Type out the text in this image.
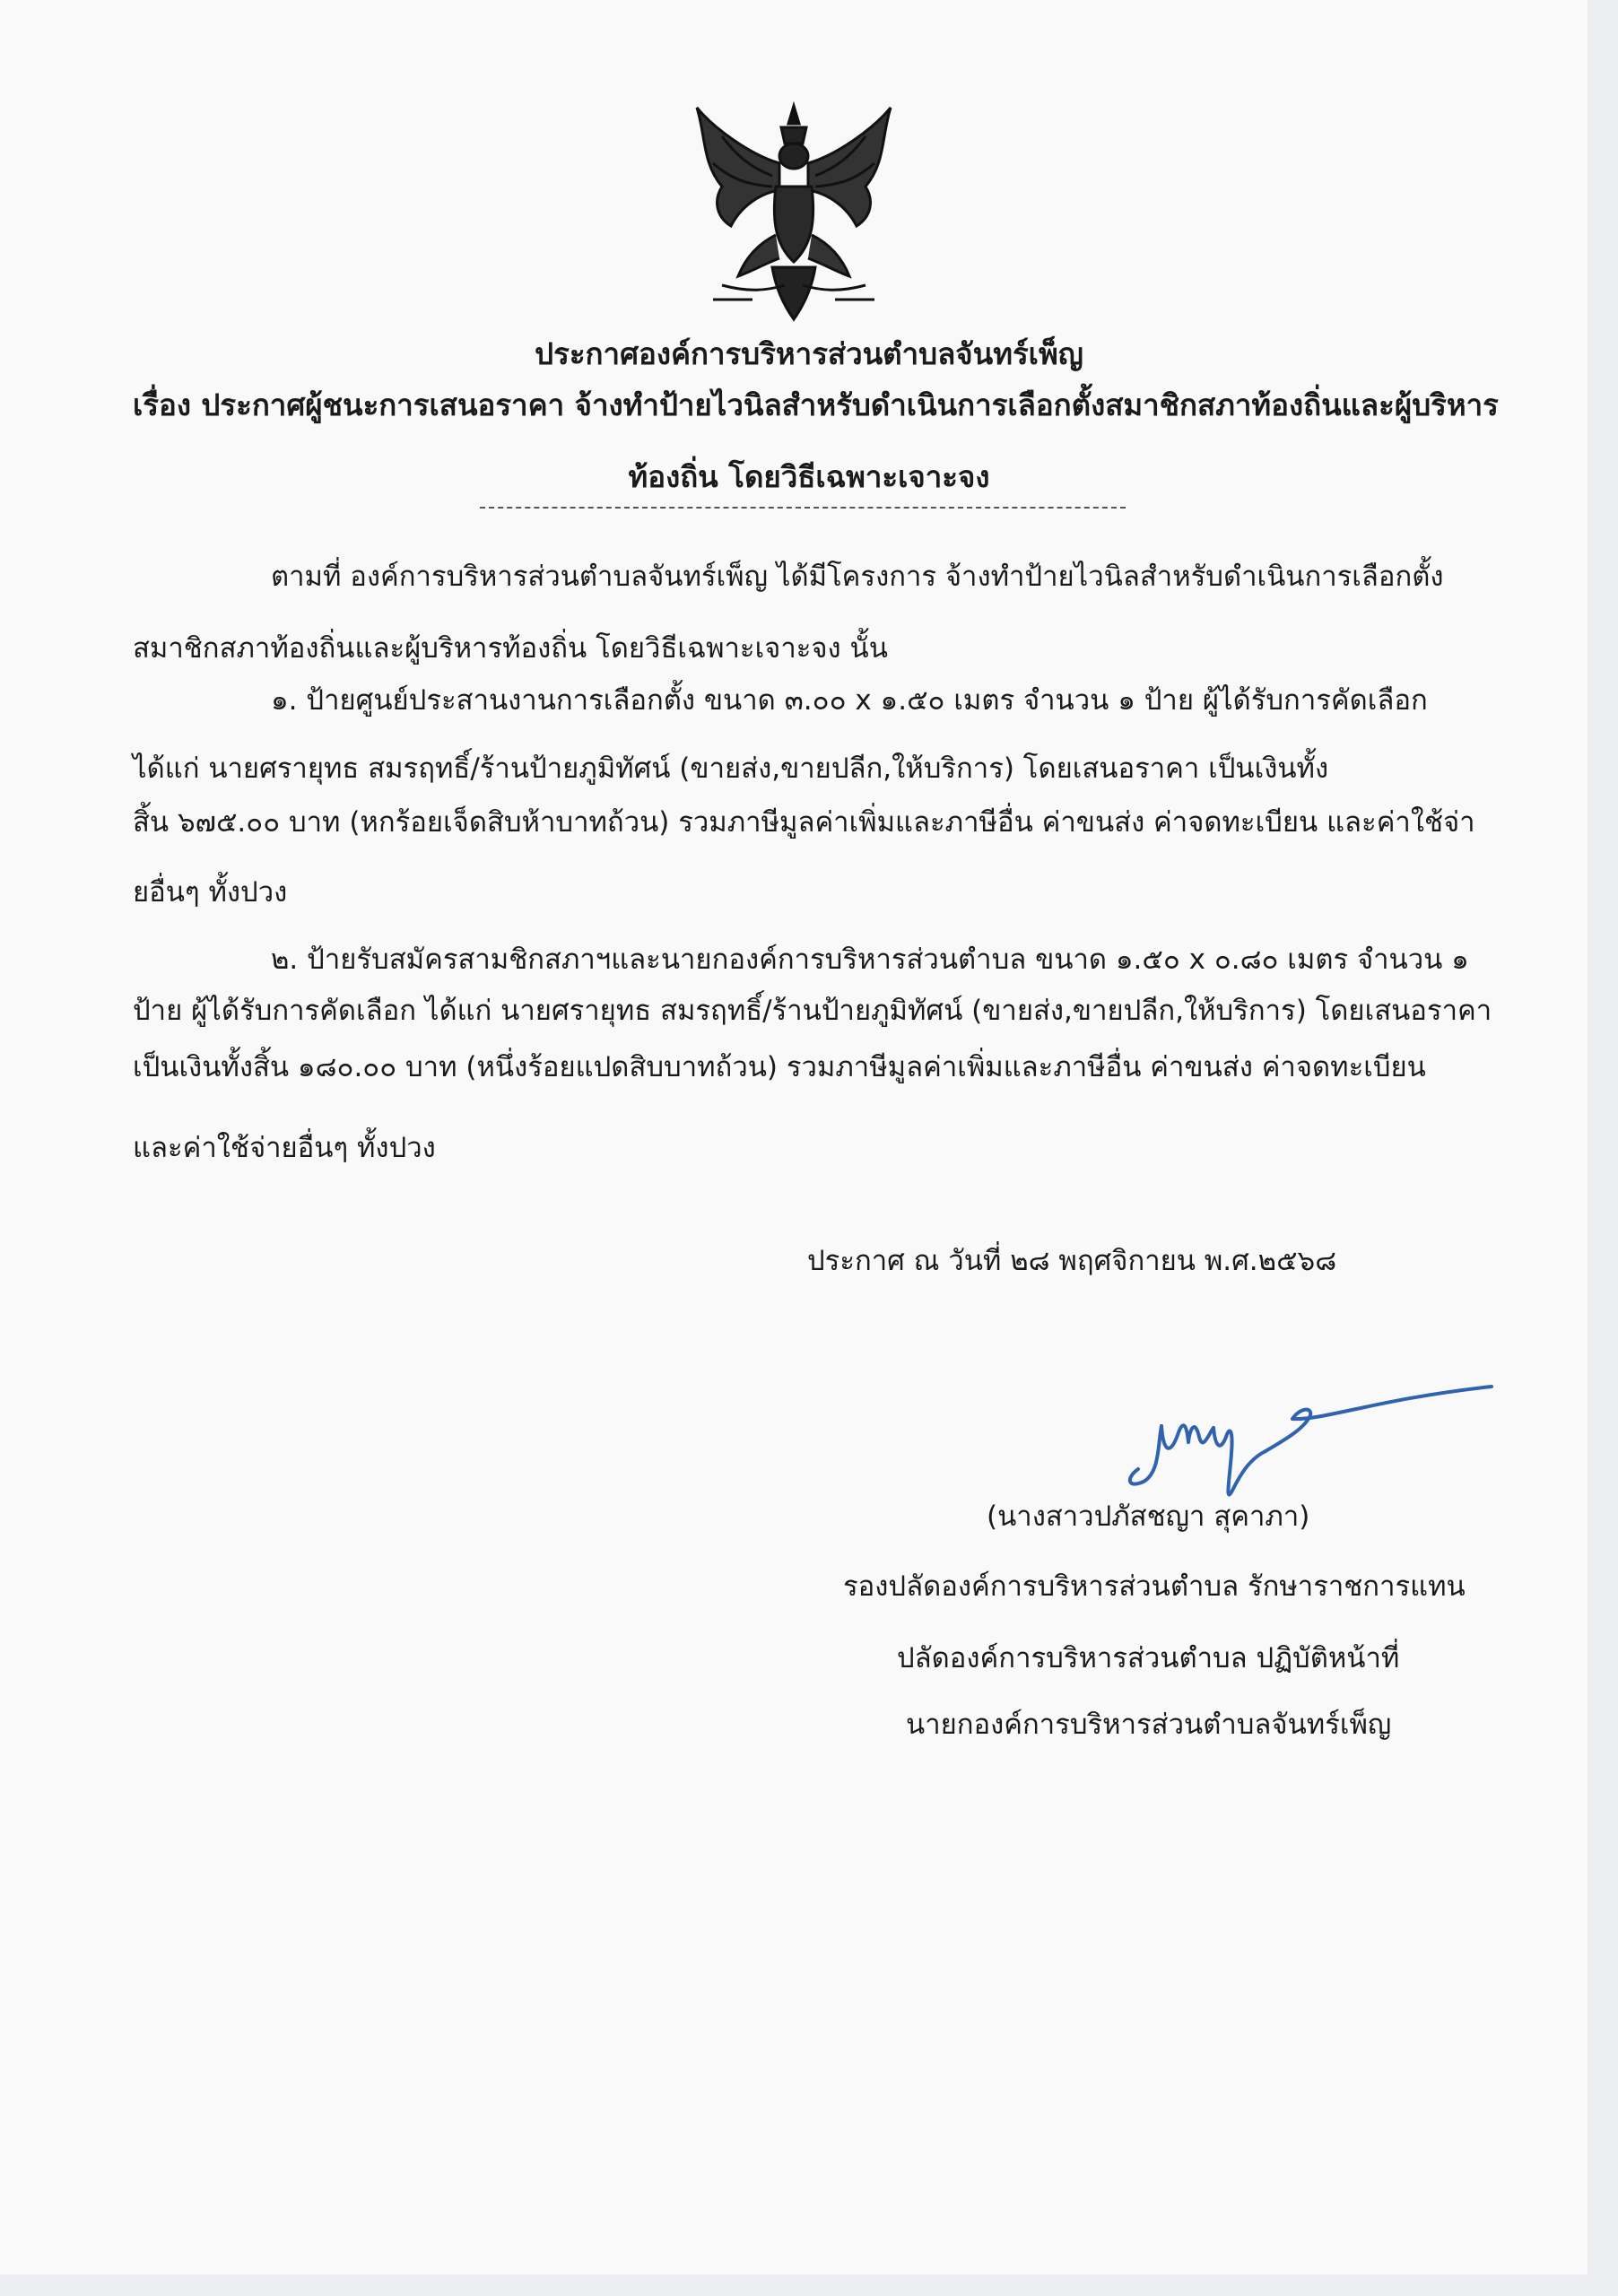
ประกาศองค์การบริหารส่วนตำบลจันทร์เพ็ญ
เรื่อง ประกาศผู้ชนะการเสนอราคา จ้างทำป้ายไวนิลสำหรับดำเนินการเลือกตั้งสมาชิกสภาท้องถิ่นและผู้บริหาร
ท้องถิ่น โดยวิธีเฉพาะเจาะจง
ตามที่ องค์การบริหารส่วนตำบลจันทร์เพ็ญ ได้มีโครงการ จ้างทำป้ายไวนิลสำหรับดำเนินการเลือกตั้ง
สมาชิกสภาท้องถิ่นและผู้บริหารท้องถิ่น โดยวิธีเฉพาะเจาะจง นั้น
๑. ป้ายศูนย์ประสานงานการเลือกตั้ง ขนาด ๓.๐๐ x ๑.๕๐ เมตร จำนวน ๑ ป้าย ผู้ได้รับการคัดเลือก
ได้แก่ นายศรายุทธ สมรฤทธิ์/ร้านป้ายภูมิทัศน์ (ขายส่ง,ขายปลีก,ให้บริการ) โดยเสนอราคา เป็นเงินทั้ง
สิ้น ๖๗๕.๐๐ บาท (หกร้อยเจ็ดสิบห้าบาทถ้วน) รวมภาษีมูลค่าเพิ่มและภาษีอื่น ค่าขนส่ง ค่าจดทะเบียน และค่าใช้จ่า
ยอื่นๆ ทั้งปวง
๒. ป้ายรับสมัครสามชิกสภาฯและนายกองค์การบริหารส่วนตำบล ขนาด ๑.๕๐ x ๐.๘๐ เมตร จำนวน ๑
ป้าย ผู้ได้รับการคัดเลือก ได้แก่ นายศรายุทธ สมรฤทธิ์/ร้านป้ายภูมิทัศน์ (ขายส่ง,ขายปลีก,ให้บริการ) โดยเสนอราคา
เป็นเงินทั้งสิ้น ๑๘๐.๐๐ บาท (หนึ่งร้อยแปดสิบบาทถ้วน) รวมภาษีมูลค่าเพิ่มและภาษีอื่น ค่าขนส่ง ค่าจดทะเบียน
และค่าใช้จ่ายอื่นๆ ทั้งปวง
ประกาศ ณ วันที่ ๒๘ พฤศจิกายน พ.ศ.๒๕๖๘
(นางสาวปภัสชญา สุคาภา)
รองปลัดองค์การบริหารส่วนตำบล รักษาราชการแทน
ปลัดองค์การบริหารส่วนตำบล ปฏิบัติหน้าที่
นายกองค์การบริหารส่วนตำบลจันทร์เพ็ญ
